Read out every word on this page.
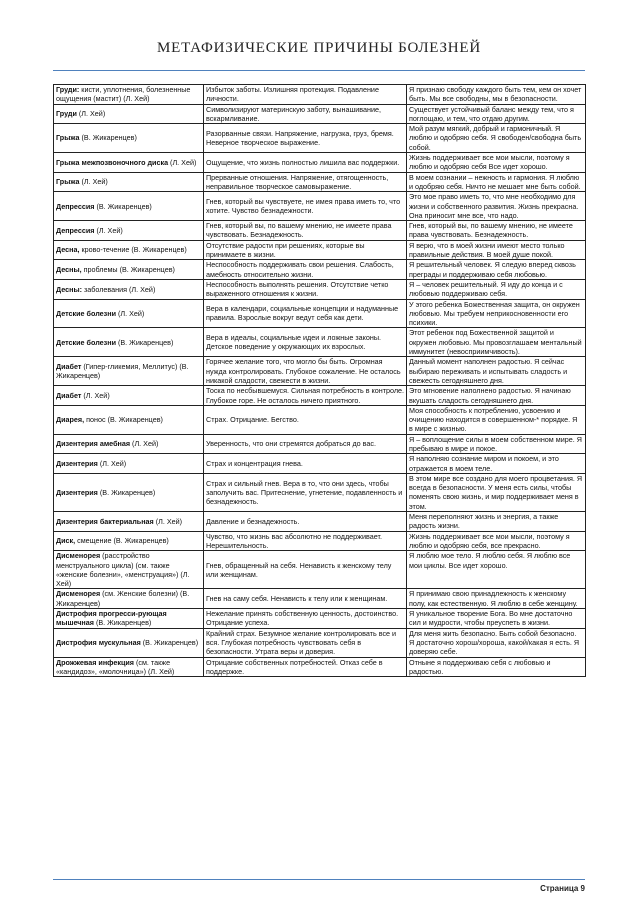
МЕТАФИЗИЧЕСКИЕ ПРИЧИНЫ БОЛЕЗНЕЙ
Груди: кисти, уплотнения, болезненные ощущения (мастит) (Л. Хей)	Избыток заботы. Излишняя протекция. Подавление личности.	Я признаю свободу каждого быть тем, кем он хочет быть. Мы все свободны, мы в безопасности.
Груди (Л. Хей)	Символизируют материнскую заботу, вынашивание, вскармливание.	Существует устойчивый баланс между тем, что я поглощаю, и тем, что отдаю другим.
Грыжа (В. Жикаренцев)	Разорванные связи. Напряжение, нагрузка, груз, бремя. Неверное творческое выражение.	Мой разум мягкий, добрый и гармоничный. Я люблю и одобряю себя. Я свободен/свободна быть собой.
Грыжа межпозвоночного диска (Л. Хей)	Ощущение, что жизнь полностью лишила вас поддержки.	Жизнь поддерживает все мои мысли, поэтому я люблю и одобряю себя Все идет хорошо.
Грыжа (Л. Хей)	Прерванные отношения. Напряжение, отягощенность, неправильное творческое самовыражение.	В моем сознании – нежность и гармония. Я люблю и одобряю себя. Ничто не мешает мне быть собой.
Депрессия (В. Жикаренцев)	Гнев, который вы чувствуете, не имея права иметь то, что хотите. Чувство безнадежности.	Это мое право иметь то, что мне необходимо для жизни и собственного развития. Жизнь прекрасна. Она приносит мне все, что надо.
Депрессия (Л. Хей)	Гнев, который вы, по вашему мнению, не имеете права чувствовать. Безнадежность.	Гнев, который вы, по вашему мнению, не имеете права чувствовать. Безнадежность.
Десна, крово-течение (В. Жикаренцев)	Отсутствие радости при решениях, которые вы принимаете в жизни.	Я верю, что в моей жизни имеют место только правильные действия. В моей душе покой.
Десны, проблемы (В. Жикаренцев)	Неспособность поддерживать свои решения. Слабость, амебность относительно жизни.	Я решительный человек. Я следую вперед сквозь преграды и поддерживаю себя любовью.
Десны: заболевания (Л. Хей)	Неспособность выполнять решения. Отсутствие четко выраженного отношения к жизни.	Я – человек решительный. Я иду до конца и с любовью поддерживаю себя.
Детские болезни (Л. Хей)	Вера в календари, социальные концепции и надуманные правила. Взрослые вокруг ведут себя как дети.	У этого ребенка Божественная защита, он окружен любовью. Мы требуем неприкосновенности его психики.
Детские болезни (В. Жикаренцев)	Вера в идеалы, социальные идеи и ложные законы. Детское поведение у окружающих их взрослых.	Этот ребенок под Божественной защитой и окружен любовью. Мы провозглашаем ментальный иммунитет (невосприимчивость).
Диабет (Гипер-гликемия, Меллитус) (В. Жикаренцев)	Горячее желание того, что могло бы быть. Огромная нужда контролировать. Глубокое сожаление. Не осталось никакой сладости, свежести в жизни.	Данный момент наполнен радостью. Я сейчас выбираю переживать и испытывать сладость и свежесть сегодняшнего дня.
Диабет (Л. Хей)	Тоска по несбывшемуся. Сильная потребность в контроле. Глубокое горе. Не осталось ничего приятного.	Это мгновение наполнено радостью. Я начинаю вкушать сладость сегодняшнего дня.
Диарея, понос (В. Жикаренцев)	Страх. Отрицание. Бегство.	Моя способность к потреблению, усвоению и очищению находится в совершенном-* порядке. Я в мире с жизнью.
Дизентерия амебная (Л. Хей)	Уверенность, что они стремятся добраться до вас.	Я – воплощение силы в моем собственном мире. Я пребываю в мире и покое.
Дизентерия (Л. Хей)	Страх и концентрация гнева.	Я наполняю сознание миром и покоем, и это отражается в моем теле.
Дизентерия (В. Жикаренцев)	Страх и сильный гнев. Вера в то, что они здесь, чтобы заполучить вас. Притеснение, угнетение, подавленность и безнадежность.	В этом мире все создано для моего процветания. Я всегда в безопасности. У меня есть силы, чтобы поменять свою жизнь, и мир поддерживает меня в этом.
Дизентерия бактериальная (Л. Хей)	Давление и безнадежность.	Меня переполняют жизнь и энергия, а также радость жизни.
Диск, смещение (В. Жикаренцев)	Чувство, что жизнь вас абсолютно не поддерживает. Нерешительность.	Жизнь поддерживает все мои мысли, поэтому я люблю и одобряю себя, все прекрасно.
Дисменорея (расстройство менструального цикла) (см. также «женские болезни», «менструация») (Л. Хей)	Гнев, обращенный на себя. Ненависть к женскому телу или женщинам.	Я люблю мое тело. Я люблю себя. Я люблю все мои циклы. Все идет хорошо.
Дисменорея (см. Женские болезни) (В. Жикаренцев)	Гнев на саму себя. Ненависть к телу или к женщинам.	Я принимаю свою принадлежность к женскому полу, как естественную. Я люблю в себе женщину.
Дистрофия прогресси-рующая мышечная (В. Жикаренцев)	Нежелание принять собственную ценность, достоинство. Отрицание успеха.	Я уникальное творение Бога. Во мне достаточно сил и мудрости, чтобы преуспеть в жизни.
Дистрофия мускульная (В. Жикаренцев)	Крайний страх. Безумное желание контролировать все и вся. Глубокая потребность чувствовать себя в безопасности. Утрата веры и доверия.	Для меня жить безопасно. Быть собой безопасно. Я достаточно хорош/хороша, какой/какая я есть. Я доверяю себе.
Дрожжевая инфекция (см. также «кандидоз», «молочница») (Л. Хей)	Отрицание собственных потребностей. Отказ себе в поддержке.	Отныне я поддерживаю себя с любовью и радостью.
Страница 9
